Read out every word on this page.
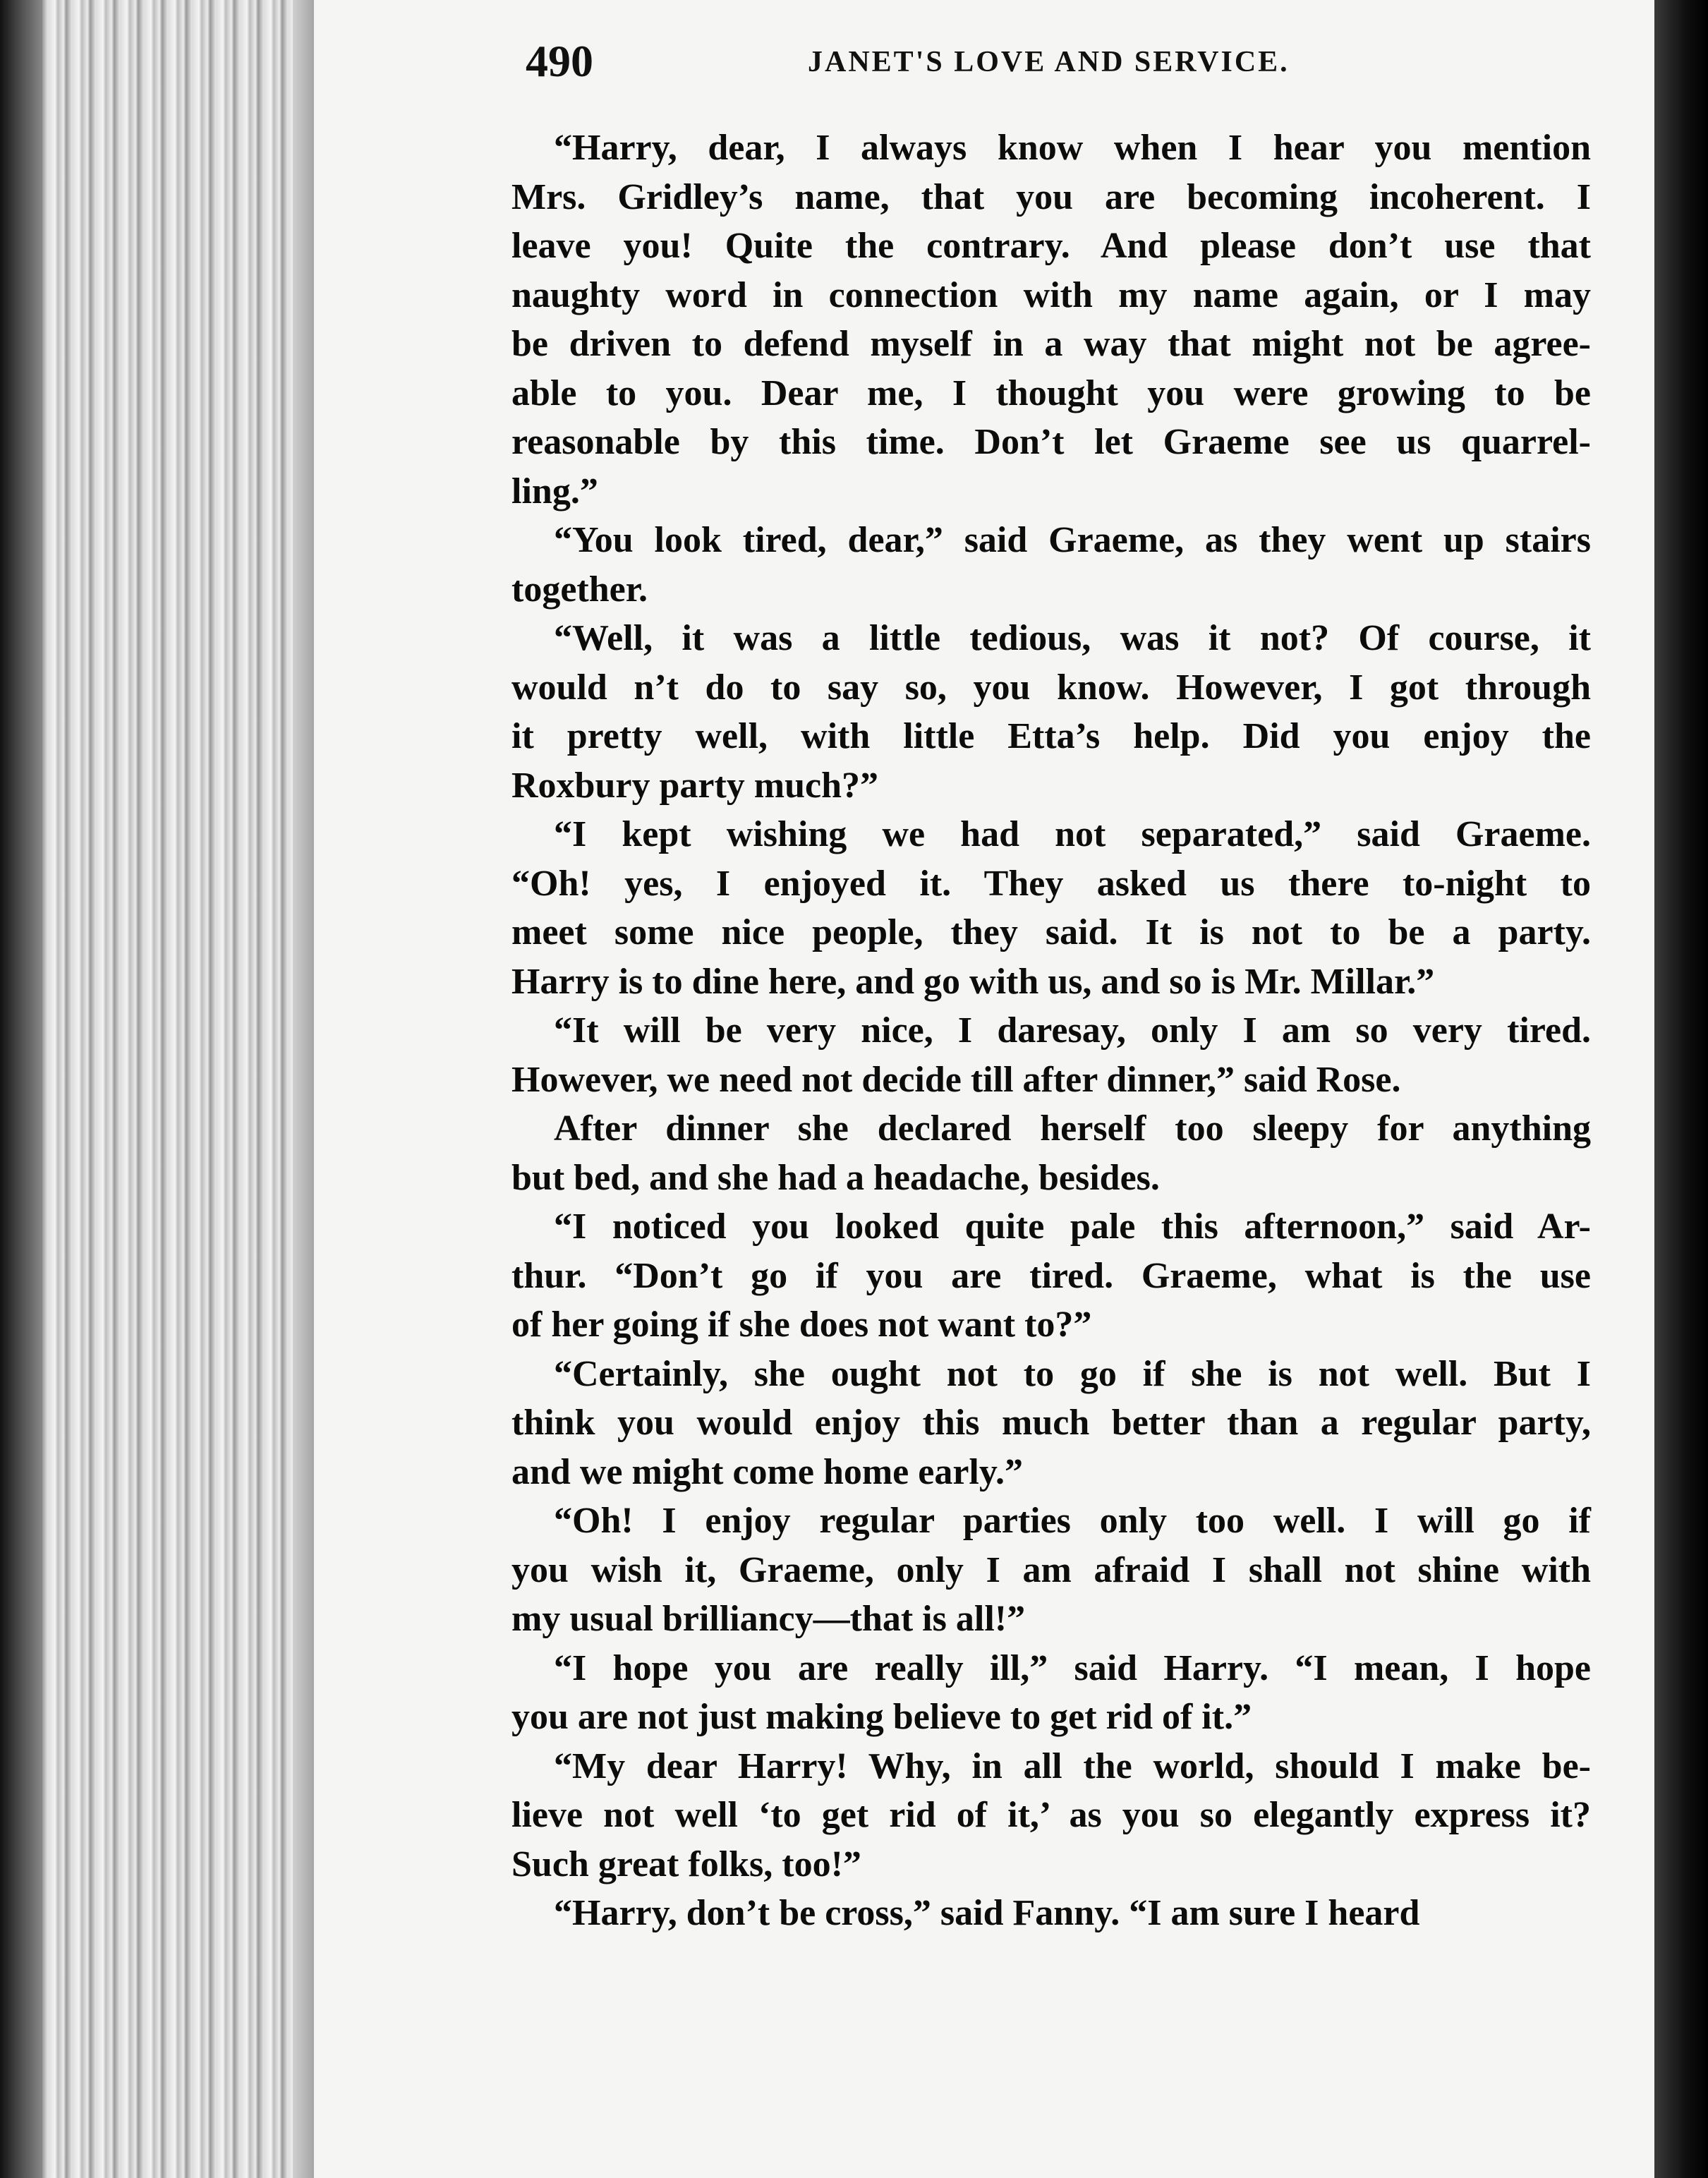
490	JANET'S LOVE AND SERVICE.

“Harry, dear, I always know when I hear you mention
Mrs. Gridley’s name, that you are becoming incoherent. I
leave you! Quite the contrary. And please don’t use that
naughty word in connection with my name again, or I may
be driven to defend myself in a way that might not be agree-
able to you. Dear me, I thought you were growing to be
reasonable by this time. Don’t let Graeme see us quarrel-
ling.”

“You look tired, dear,” said Graeme, as they went up stairs
together.

“Well, it was a little tedious, was it not? Of course, it
would n’t do to say so, you know. However, I got through
it pretty well, with little Etta’s help. Did you enjoy the
Roxbury party much?”

“I kept wishing we had not separated,” said Graeme.
“Oh! yes, I enjoyed it. They asked us there to-night to
meet some nice people, they said. It is not to be a party.
Harry is to dine here, and go with us, and so is Mr. Millar.”

“It will be very nice, I daresay, only I am so very tired.
However, we need not decide till after dinner,” said Rose.

After dinner she declared herself too sleepy for anything
but bed, and she had a headache, besides.

“I noticed you looked quite pale this afternoon,” said Ar-
thur. “Don’t go if you are tired. Graeme, what is the use
of her going if she does not want to?”

“Certainly, she ought not to go if she is not well. But I
think you would enjoy this much better than a regular party,
and we might come home early.”

“Oh! I enjoy regular parties only too well. I will go if
you wish it, Graeme, only I am afraid I shall not shine with
my usual brilliancy—that is all!”

“I hope you are really ill,” said Harry. “I mean, I hope
you are not just making believe to get rid of it.”

“My dear Harry! Why, in all the world, should I make be-
lieve not well ‘to get rid of it,’ as you so elegantly express it?
Such great folks, too!”

“Harry, don’t be cross,” said Fanny. “I am sure I heard
